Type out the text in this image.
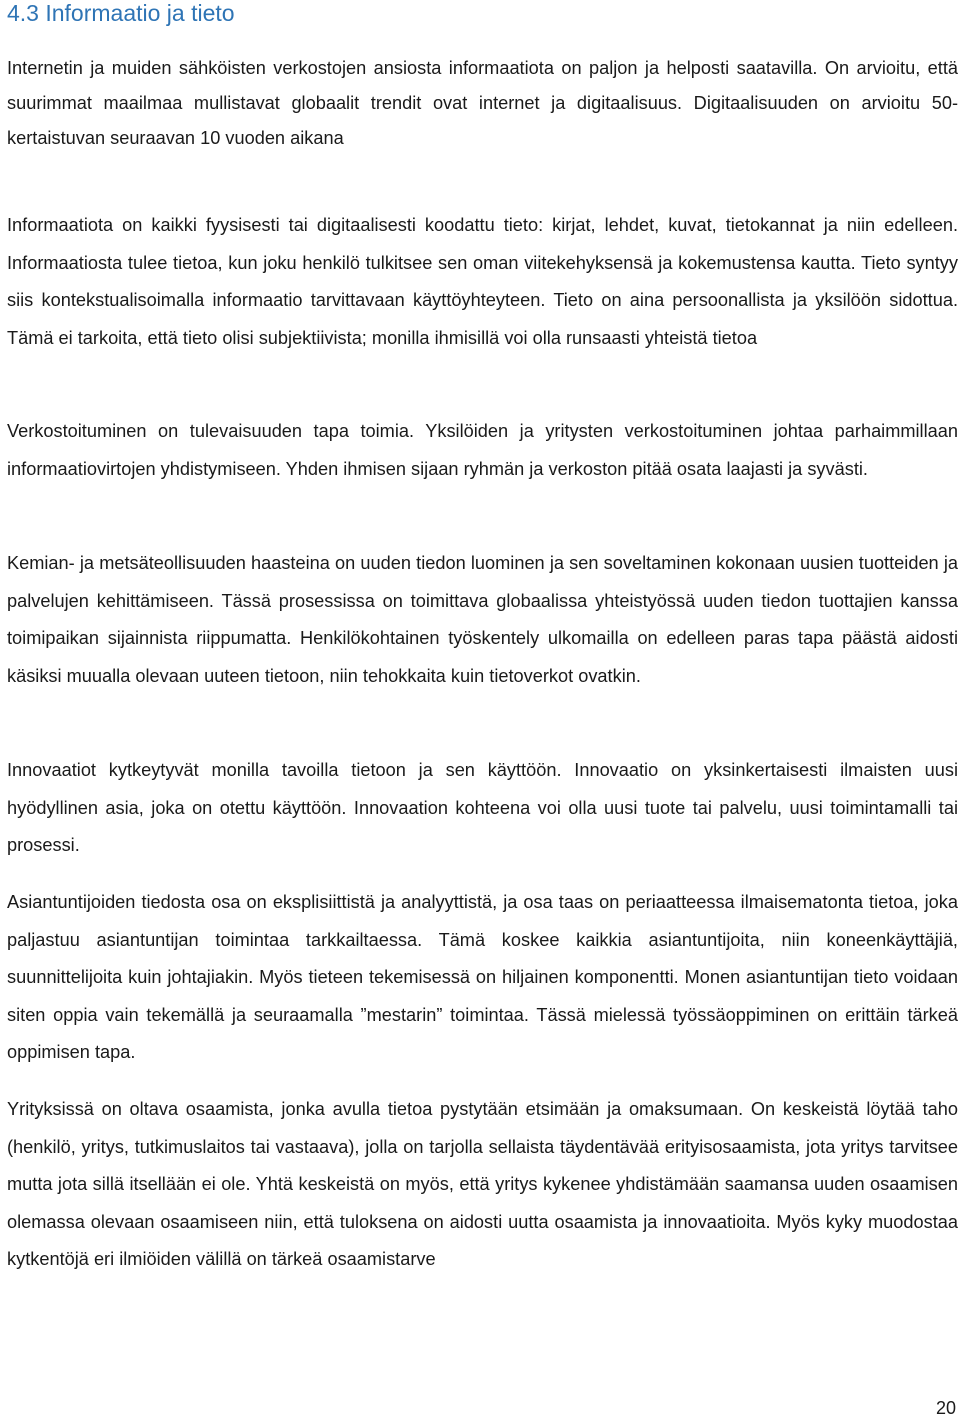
4.3 Informaatio ja tieto

Internetin ja muiden sähköisten verkostojen ansiosta informaatiota on paljon ja helposti saatavilla. On arvioitu, että suurimmat maailmaa mullistavat globaalit trendit ovat internet ja digitaalisuus. Digitaalisuuden on arvioitu 50-kertaistuvan seuraavan 10 vuoden aikana

Informaatiota on kaikki fyysisesti tai digitaalisesti koodattu tieto: kirjat, lehdet, kuvat, tietokannat ja niin edelleen. Informaatiosta tulee tietoa, kun joku henkilö tulkitsee sen oman viitekehyksensä ja kokemustensa kautta. Tieto syntyy siis kontekstualisoimalla informaatio tarvittavaan käyttöyhteyteen. Tieto on aina persoonallista ja yksilöön sidottua. Tämä ei tarkoita, että tieto olisi subjektiivista; monilla ihmisillä voi olla runsaasti yhteistä tietoa

Verkostoituminen on tulevaisuuden tapa toimia. Yksilöiden ja yritysten verkostoituminen johtaa parhaimmillaan informaatiovirtojen yhdistymiseen. Yhden ihmisen sijaan ryhmän ja verkoston pitää osata laajasti ja syvästi.

Kemian- ja metsäteollisuuden haasteina on uuden tiedon luominen ja sen soveltaminen kokonaan uusien tuotteiden ja palvelujen kehittämiseen. Tässä prosessissa on toimittava globaalissa yhteistyössä uuden tiedon tuottajien kanssa toimipaikan sijainnista riippumatta. Henkilökohtainen työskentely ulkomailla on edelleen paras tapa päästä aidosti käsiksi muualla olevaan uuteen tietoon, niin tehokkaita kuin tietoverkot ovatkin.

Innovaatiot kytkeytyvät monilla tavoilla tietoon ja sen käyttöön. Innovaatio on yksinkertaisesti ilmaisten uusi hyödyllinen asia, joka on otettu käyttöön. Innovaation kohteena voi olla uusi tuote tai palvelu, uusi toimintamalli tai prosessi.

Asiantuntijoiden tiedosta osa on eksplisiittistä ja analyyttistä, ja osa taas on periaatteessa ilmaisematonta tietoa, joka paljastuu asiantuntijan toimintaa tarkkailtaessa. Tämä koskee kaikkia asiantuntijoita, niin koneenkäyttäjiä, suunnittelijoita kuin johtajiakin. Myös tieteen tekemisessä on hiljainen komponentti. Monen asiantuntijan tieto voidaan siten oppia vain tekemällä ja seuraamalla ”mestarin” toimintaa. Tässä mielessä työssäoppiminen on erittäin tärkeä oppimisen tapa.

Yrityksissä on oltava osaamista, jonka avulla tietoa pystytään etsimään ja omaksumaan. On keskeistä löytää taho (henkilö, yritys, tutkimuslaitos tai vastaava), jolla on tarjolla sellaista täydentävää erityisosaamista, jota yritys tarvitsee mutta jota sillä itsellään ei ole. Yhtä keskeistä on myös, että yritys kykenee yhdistämään saamansa uuden osaamisen olemassa olevaan osaamiseen niin, että tuloksena on aidosti uutta osaamista ja innovaatioita. Myös kyky muodostaa kytkentöjä eri ilmiöiden välillä on tärkeä osaamistarve

20
